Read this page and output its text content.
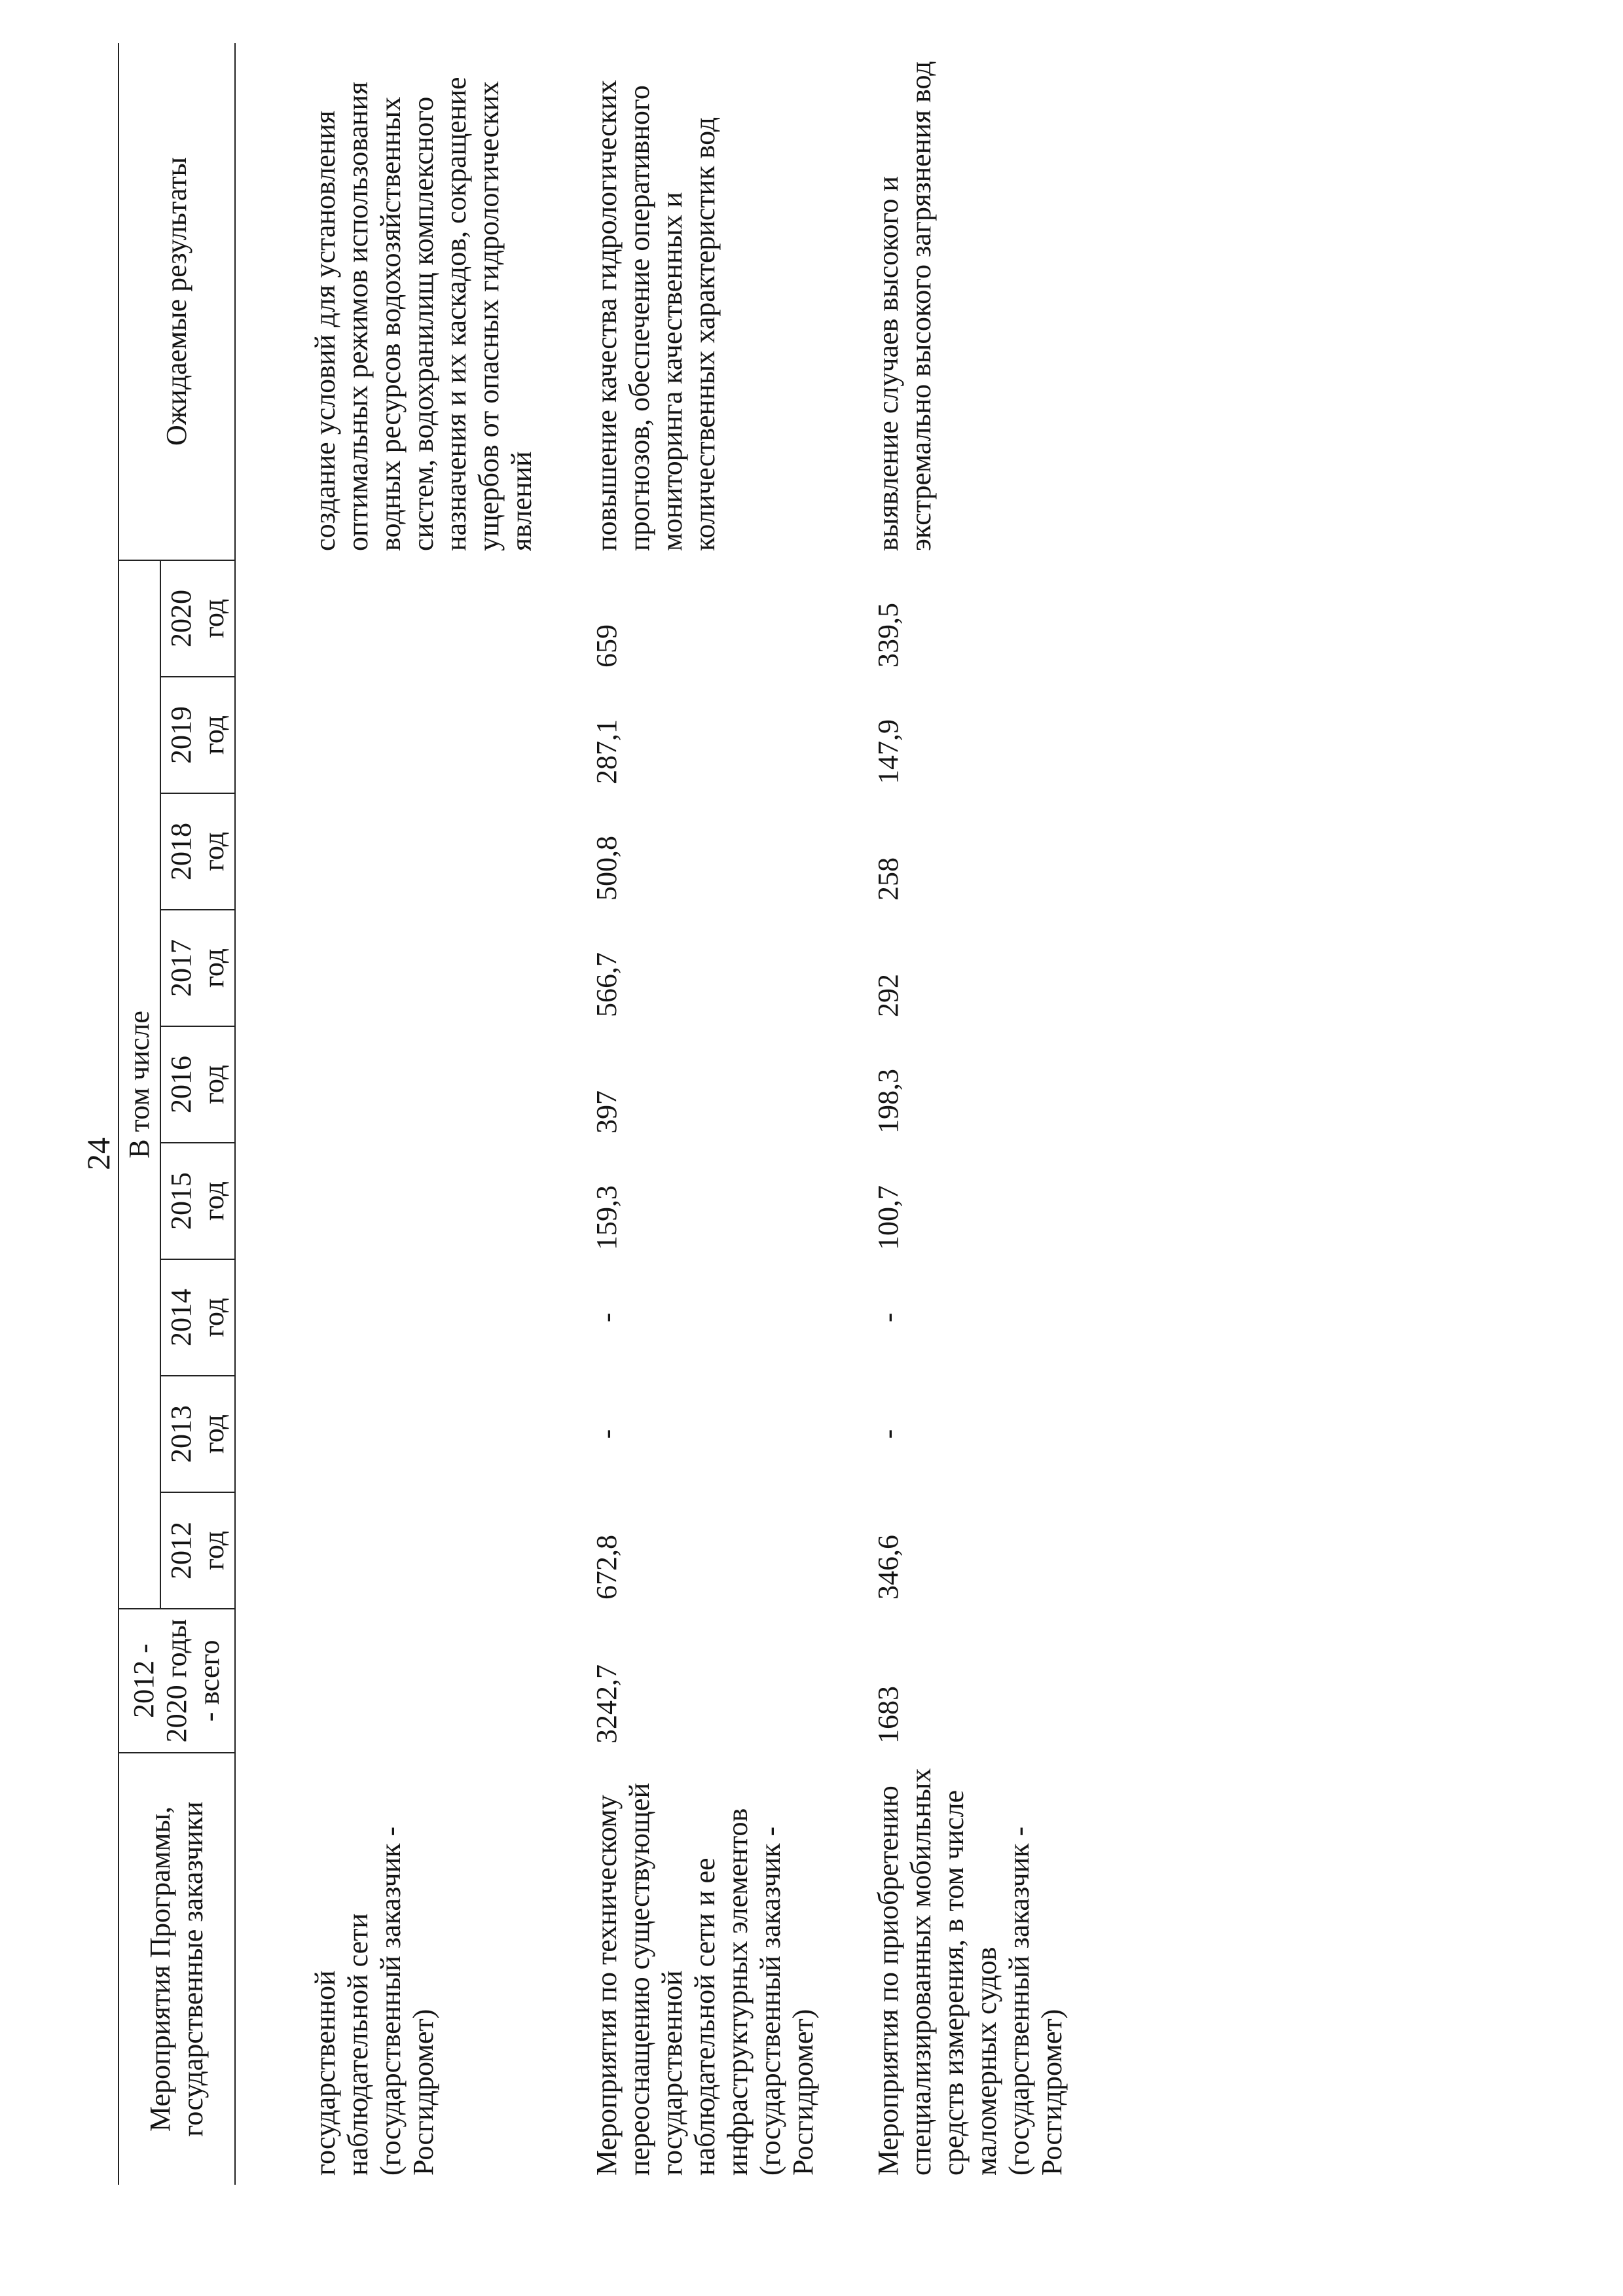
24
Мероприятия Программы, государственные заказчики	2012 - 2020 годы - всего	В том числе									Ожидаемые результаты
		2012 год	2013 год	2014 год	2015 год	2016 год	2017 год	2018 год	2019 год	2020 год	
государственной наблюдательной сети (государственный заказчик - Росгидромет)											создание условий для установления оптимальных режимов использования водных ресурсов водохозяйственных систем, водохранилищ комплексного назначения и их каскадов, сокращение ущербов от опасных гидрологических явлений
Мероприятия по техническому переоснащению существующей государственной наблюдательной сети и ее инфраструктурных элементов (государственный заказчик - Росгидромет)	3242,7	672,8	-	-	159,3	397	566,7	500,8	287,1	659	повышение качества гидрологических прогнозов, обеспечение оперативного мониторинга качественных и количественных характеристик вод
Мероприятия по приобретению специализированных мобильных средств измерения, в том числе маломерных судов (государственный заказчик - Росгидромет)	1683	346,6	-	-	100,7	198,3	292	258	147,9	339,5	выявление случаев высокого и экстремально высокого загрязнения вод
